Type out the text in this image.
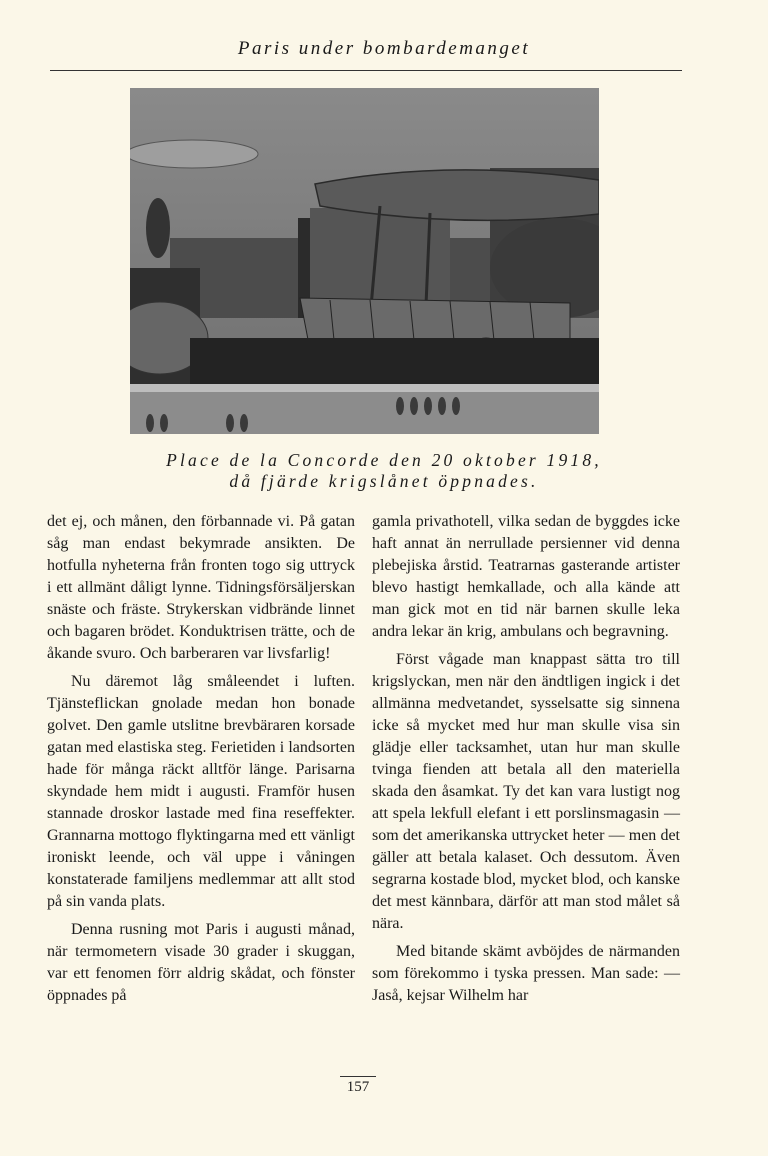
Paris under bombardemanget
Place de la Concorde den 20 oktober 1918,
då fjärde krigslånet öppnades.

det ej, och månen, den förbannade vi. På gatan såg man endast bekymrade ansikten. De hotfulla nyheterna från fronten togo sig uttryck i ett allmänt dåligt lynne. Tidningsförsäljerskan snäste och fräste. Strykerskan vidbrände linnet och bagaren brödet. Konduktrisen trätte, och de åkande svuro. Och barberaren var livsfarlig!

Nu däremot låg småleendet i luften. Tjänsteflickan gnolade medan hon bonade golvet. Den gamle utslitne brevbäraren korsade gatan med elastiska steg. Ferietiden i landsorten hade för många räckt alltför länge. Parisarna skyndade hem midt i augusti. Framför husen stannade droskor lastade med fina reseffekter. Grannarna mottogo flyktingarna med ett vänligt ironiskt leende, och väl uppe i våningen konstaterade familjens medlemmar att allt stod på sin vanda plats.

Denna rusning mot Paris i augusti månad, när termometern visade 30 grader i skuggan, var ett fenomen förr aldrig skådat, och fönster öppnades på

gamla privathotell, vilka sedan de byggdes icke haft annat än nerrullade persienner vid denna plebejiska årstid. Teatrarnas gasterande artister blevo hastigt hemkallade, och alla kände att man gick mot en tid när barnen skulle leka andra lekar än krig, ambulans och begravning.

Först vågade man knappast sätta tro till krigslyckan, men när den ändtligen ingick i det allmänna medvetandet, sysselsatte sig sinnena icke så mycket med hur man skulle visa sin glädje eller tacksamhet, utan hur man skulle tvinga fienden att betala all den materiella skada den åsamkat. Ty det kan vara lustigt nog att spela lekfull elefant i ett porslinsmagasin — som det amerikanska uttrycket heter — men det gäller att betala kalaset. Och dessutom. Även segrarna kostade blod, mycket blod, och kanske det mest kännbara, därför att man stod målet så nära.

Med bitande skämt avböjdes de närmanden som förekommo i tyska pressen. Man sade: — Jaså, kejsar Wilhelm har

157
